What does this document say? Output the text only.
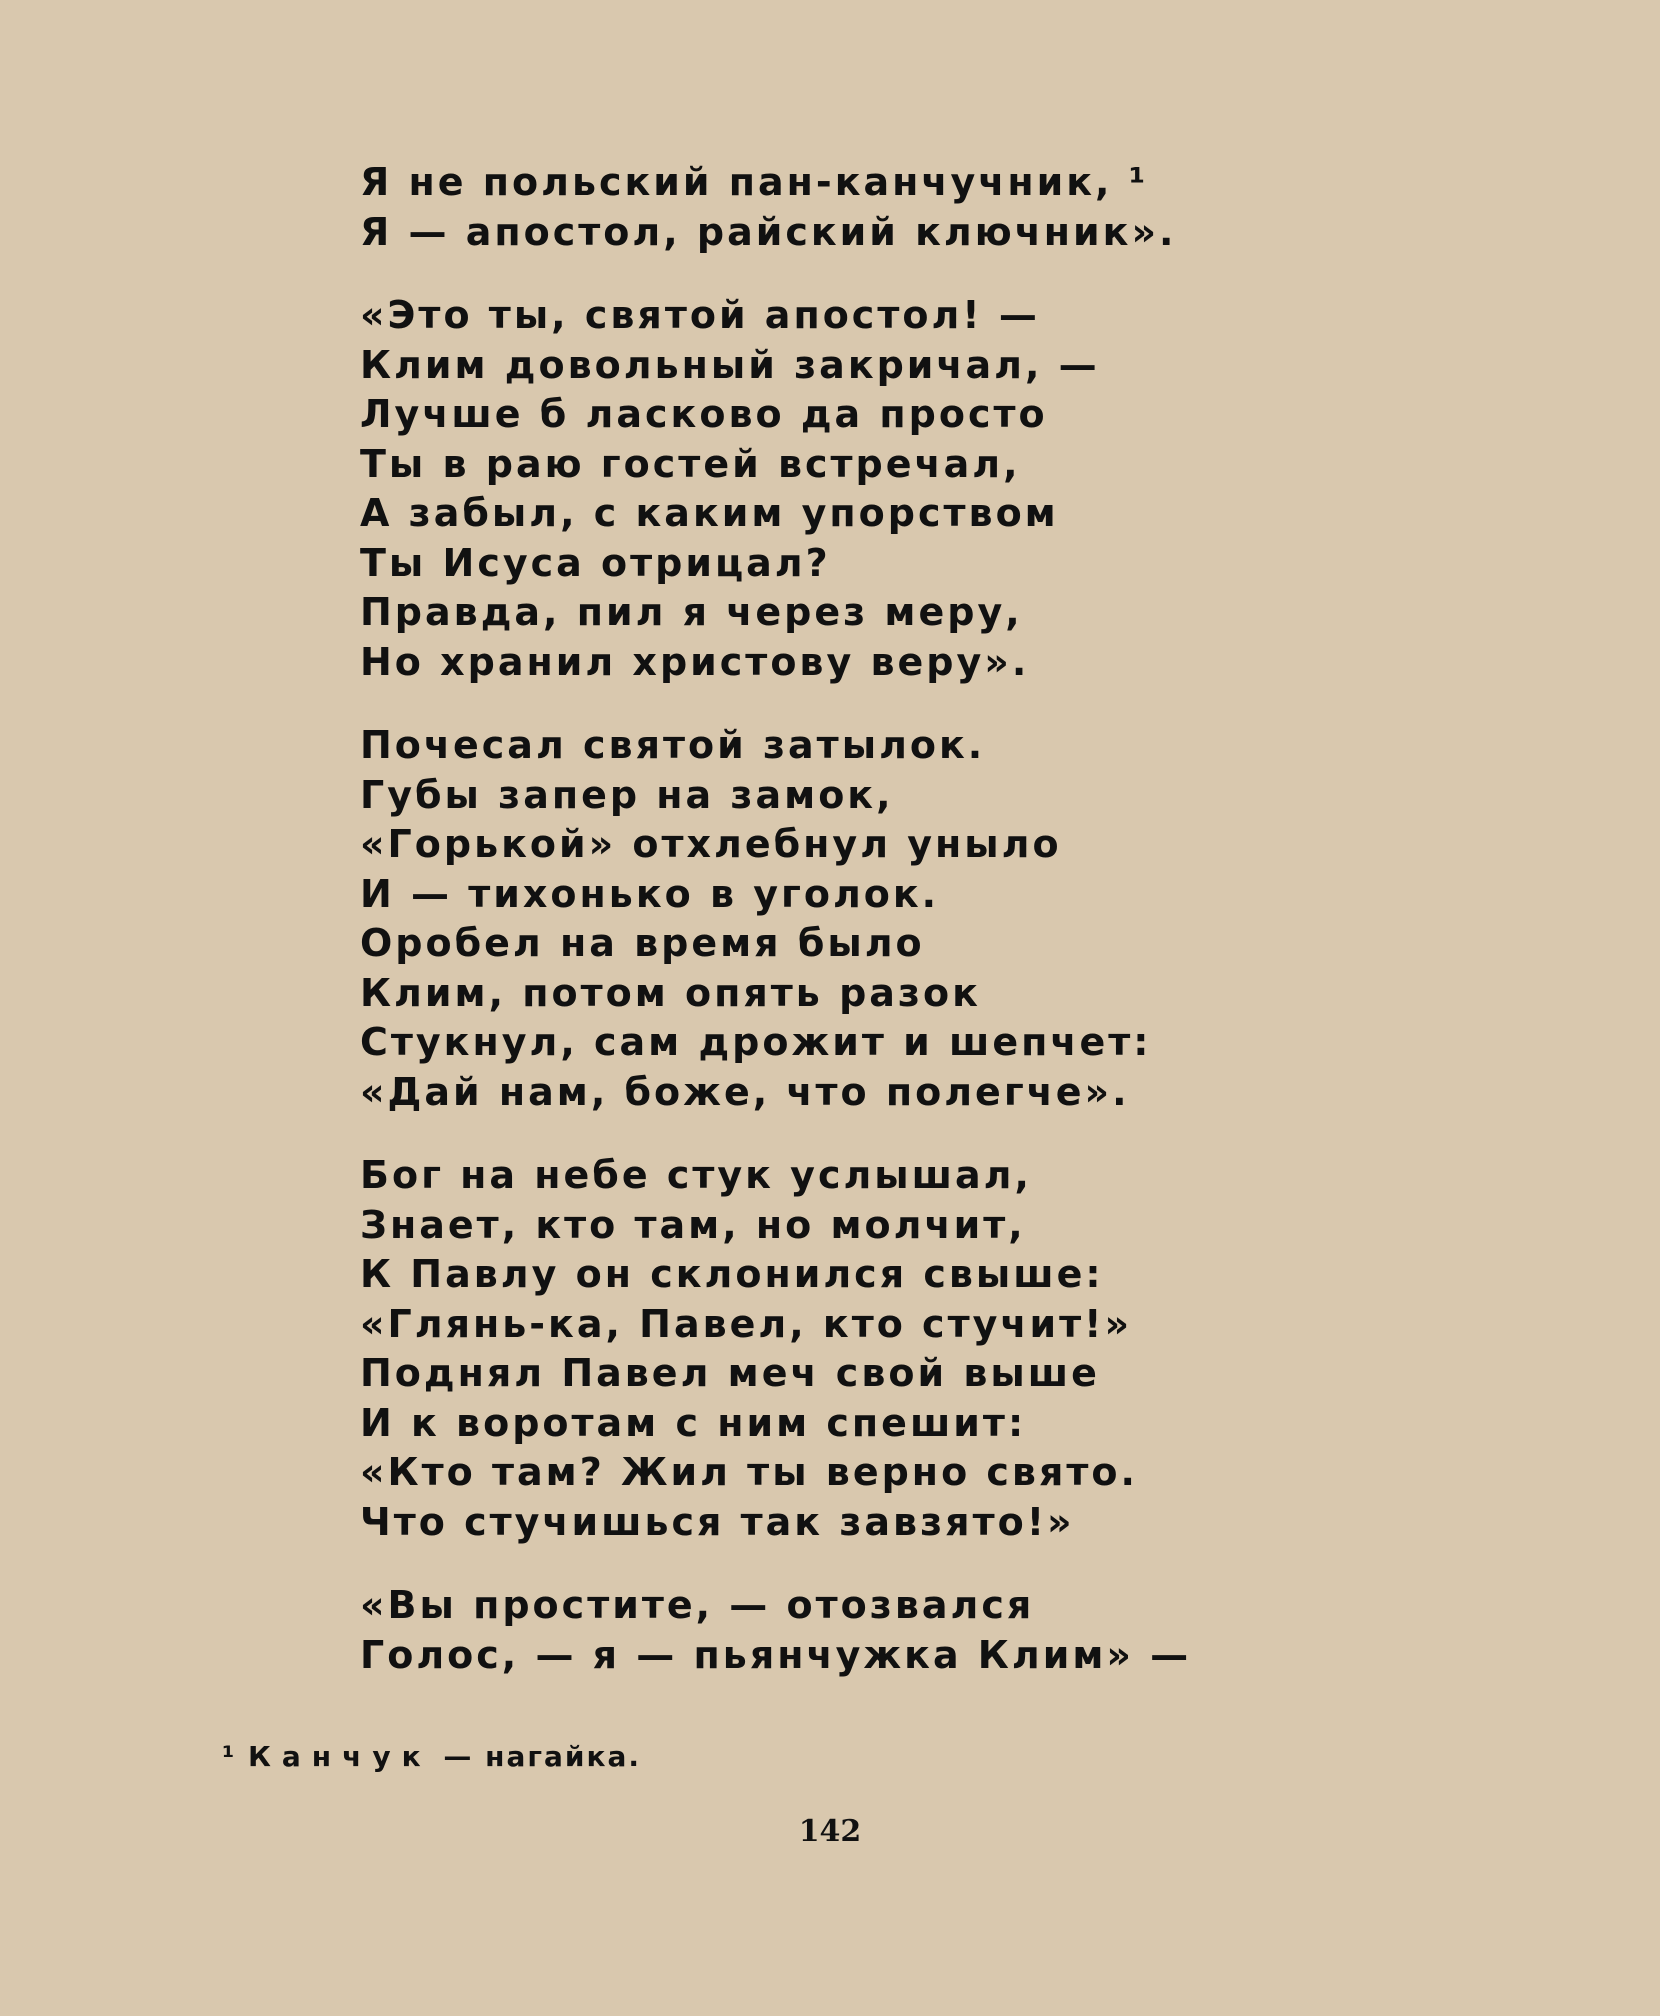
Я не польский пан-канчучник, ¹
Я — апостол, райский ключник».
«Это ты, святой апостол! —
Клим довольный закричал, —
Лучше б ласково да просто
Ты в раю гостей встречал,
А забыл, с каким упорством
Ты Исуса отрицал?
Правда, пил я через меру,
Но хранил христову веру».
Почесал святой затылок.
Губы запер на замок,
«Горькой» отхлебнул уныло
И — тихонько в уголок.
Оробел на время было
Клим, потом опять разок
Стукнул, сам дрожит и шепчет:
«Дай нам, боже, что полегче».
Бог на небе стук услышал,
Знает, кто там, но молчит,
К Павлу он склонился свыше:
«Глянь-ка, Павел, кто стучит!»
Поднял Павел меч свой выше
И к воротам с ним спешит:
«Кто там? Жил ты верно свято.
Что стучишься так завзято!»
«Вы простите, — отозвался
Голос, — я — пьянчужка Клим» —
¹ Канчук — нагайка.
142
